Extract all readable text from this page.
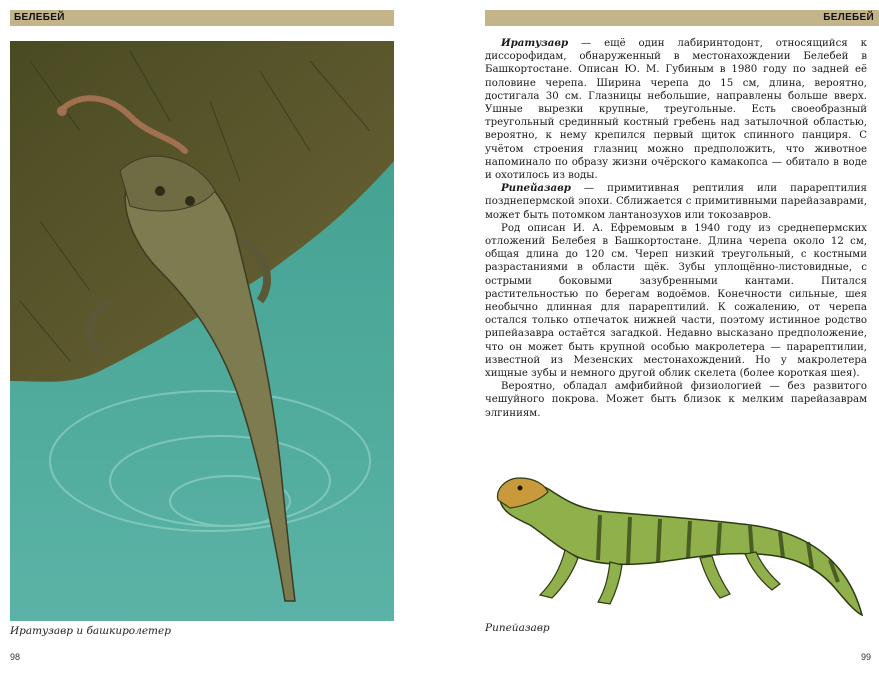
БЕЛЕБЕЙ
Иратузавр и башкиролетер
98
БЕЛЕБЕЙ

Иратузавр — ещё один лабиринтодонт, относящийся к диссорофидам, обнаруженный в местонахождении Белебей в Башкортостане. Описан Ю. М. Губиным в 1980 году по задней её половине черепа. Ширина черепа до 15 см, длина, вероятно, достигала 30 см. Глазницы небольшие, направлены больше вверх. Ушные вырезки крупные, треугольные. Есть своеобразный треугольный срединный костный гребень над затылочной областью, вероятно, к нему крепился первый щиток спинного панциря. С учётом строения глазниц можно предположить, что животное напоминало по образу жизни очёрского камакопса — обитало в воде и охотилось из воды.

Рипейазавр — примитивная рептилия или парарептилия позднепермской эпохи. Сближается с примитивными парейазаврами, может быть потомком лантанозухов или токозавров.

Род описан И. А. Ефремовым в 1940 году из среднепермских отложений Белебея в Башкортостане. Длина черепа около 12 см, общая длина до 120 см. Череп низкий треугольный, с костными разрастаниями в области щёк. Зубы уплощённо-листовидные, с острыми боковыми зазубренными кантами. Питался растительностью по берегам водоёмов. Конечности сильные, шея необычно длинная для парарептилий. К сожалению, от черепа остался только отпечаток нижней части, поэтому истинное родство рипейазавра остаётся загадкой. Недавно высказано предположение, что он может быть крупной особью макролетера — парарептилии, известной из Мезенских местонахождений. Но у макролетера хищные зубы и немного другой облик скелета (более короткая шея).

Вероятно, обладал амфибийной физиологией — без развитого чешуйного покрова. Может быть близок к мелким парейазаврам элгиниям.

Рипейазавр
99
